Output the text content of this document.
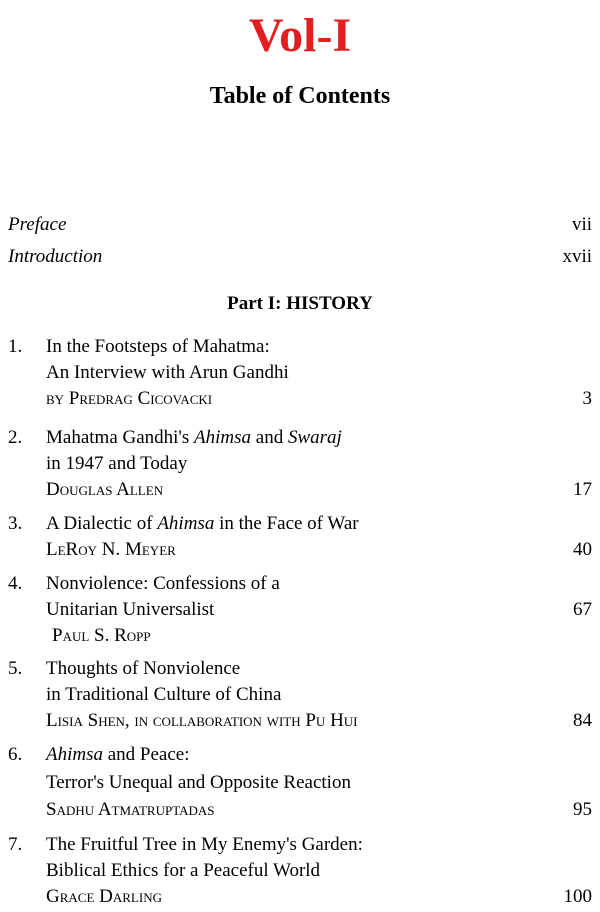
Vol-I
Table of Contents
Preface	vii
Introduction	xvii
Part I: HISTORY
1. In the Footsteps of Mahatma:
An Interview with Arun Gandhi
by Predrag Cicovacki	3
2. Mahatma Gandhi's Ahimsa and Swaraj
in 1947 and Today
Douglas Allen	17
3. A Dialectic of Ahimsa in the Face of War
LeRoy N. Meyer	40
4. Nonviolence: Confessions of a
Unitarian Universalist	67
Paul S. Ropp
5. Thoughts of Nonviolence
in Traditional Culture of China
Lisia Shen, in collaboration with Pu Hui	84
6. Ahimsa and Peace:
Terror's Unequal and Opposite Reaction
Sadhu Atmatruptadas	95
7. The Fruitful Tree in My Enemy's Garden:
Biblical Ethics for a Peaceful World
Grace Darling	100
